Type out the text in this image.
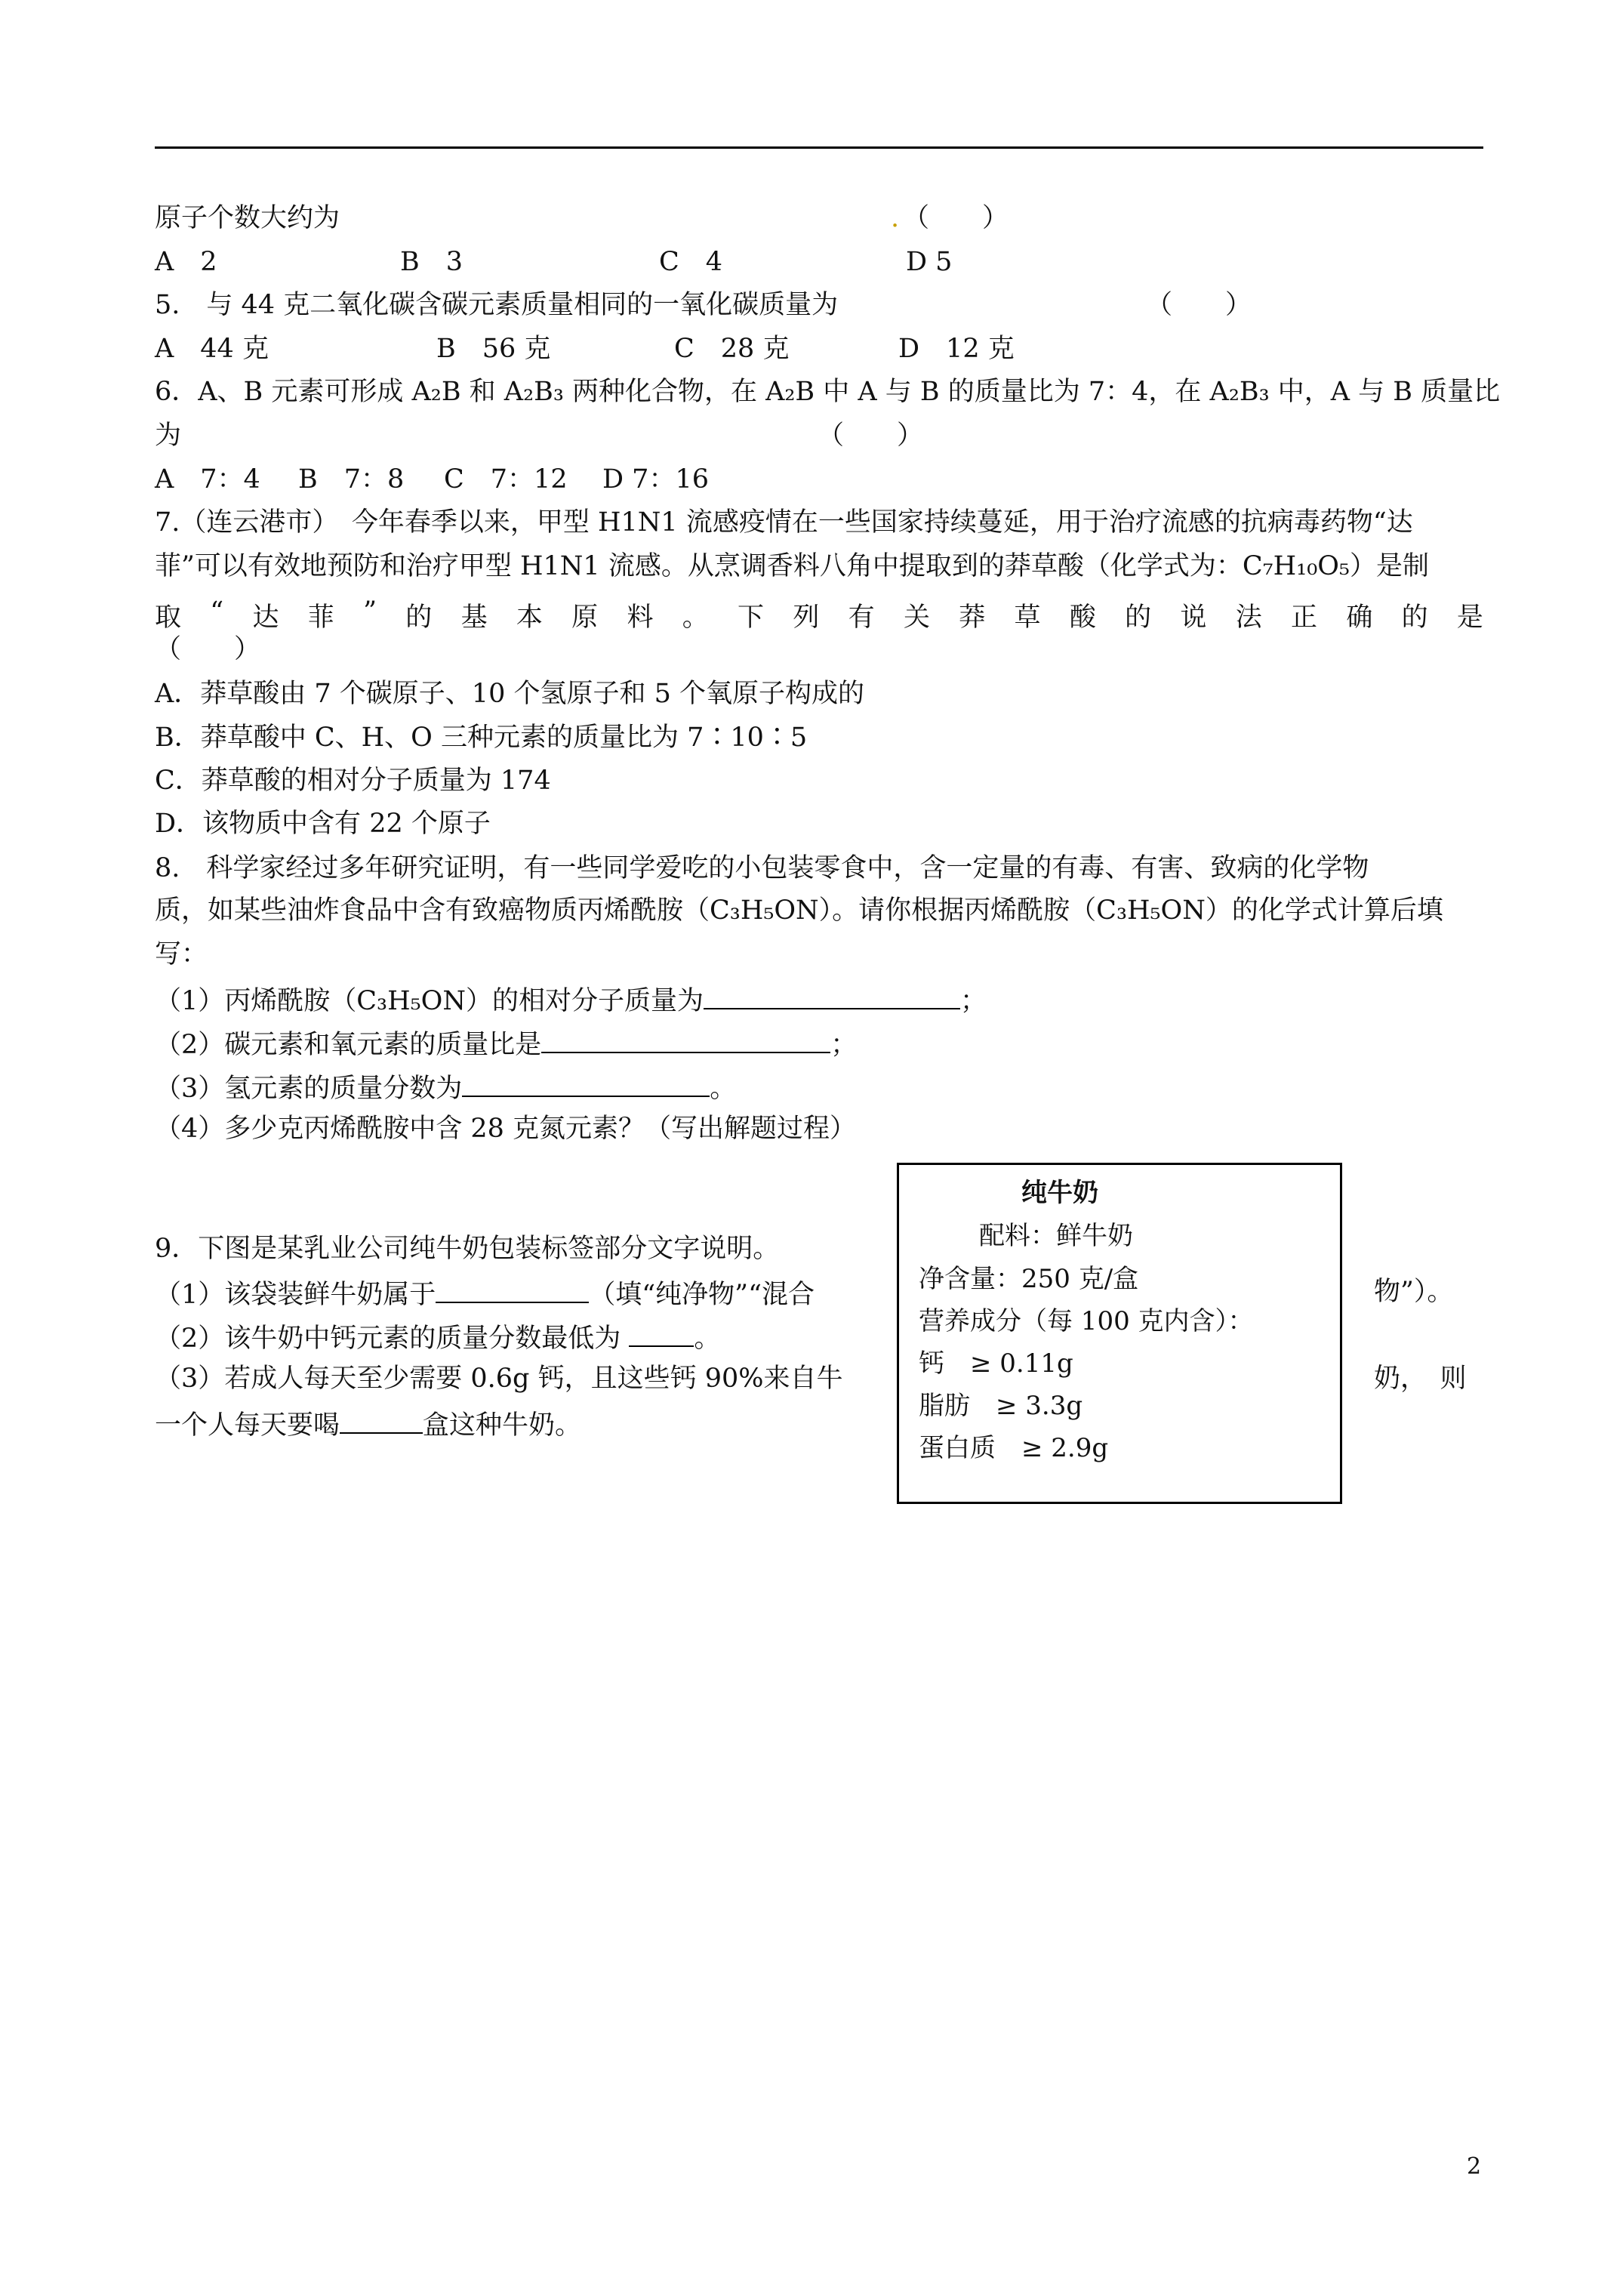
原子个数大约为	. （　　）
A　2	B　3	C　4	D 5
5.　与 44 克二氧化碳含碳元素质量相同的一氧化碳质量为	（　　）
A　44 克	B　56 克	C　28 克	D　12 克
6．A、B 元素可形成 A₂B 和 A₂B₃ 两种化合物，在 A₂B 中 A 与 B 的质量比为 7：4，在 A₂B₃ 中，A 与 B 质量比
为	（　　）
A　7：4 B　7：8 C　7：12 D 7：16
7.（连云港市）　今年春季以来，甲型 H1N1 流感疫情在一些国家持续蔓延，用于治疗流感的抗病毒药物“达
菲”可以有效地预防和治疗甲型 H1N1 流感。从烹调香料八角中提取到的莽草酸（化学式为：C₇H₁₀O₅）是制
取 “ 达 菲 ” 的 基 本 原 料 。 下 列 有 关 莽 草 酸 的 说 法 正 确 的 是
（　　）
A．莽草酸由 7 个碳原子、10 个氢原子和 5 个氧原子构成的
B．莽草酸中 C、H、O 三种元素的质量比为 7∶10∶5
C．莽草酸的相对分子质量为 174
D．该物质中含有 22 个原子
8.　科学家经过多年研究证明，有一些同学爱吃的小包装零食中，含一定量的有毒、有害、致病的化学物
质，如某些油炸食品中含有致癌物质丙烯酰胺（C₃H₅ON）。请你根据丙烯酰胺（C₃H₅ON）的化学式计算后填
写：
（1）丙烯酰胺（C₃H₅ON）的相对分子质量为	；
（2）碳元素和氧元素的质量比是	；
（3）氢元素的质量分数为	。
（4）多少克丙烯酰胺中含 28 克氮元素？（写出解题过程）
9．下图是某乳业公司纯牛奶包装标签部分文字说明。
（1）该袋装鲜牛奶属于	（填“纯净物”“混合	物”）。
（2）该牛奶中钙元素的质量分数最低为	。
（3）若成人每天至少需要 0.6g 钙，且这些钙 90%来自牛	奶，　则
一个人每天要喝	盒这种牛奶。
纯牛奶
配料：鲜牛奶
净含量：250 克/盒
营养成分（每 100 克内含）：
钙　≥ 0.11g
脂肪　≥ 3.3g
蛋白质　≥ 2.9g
2
